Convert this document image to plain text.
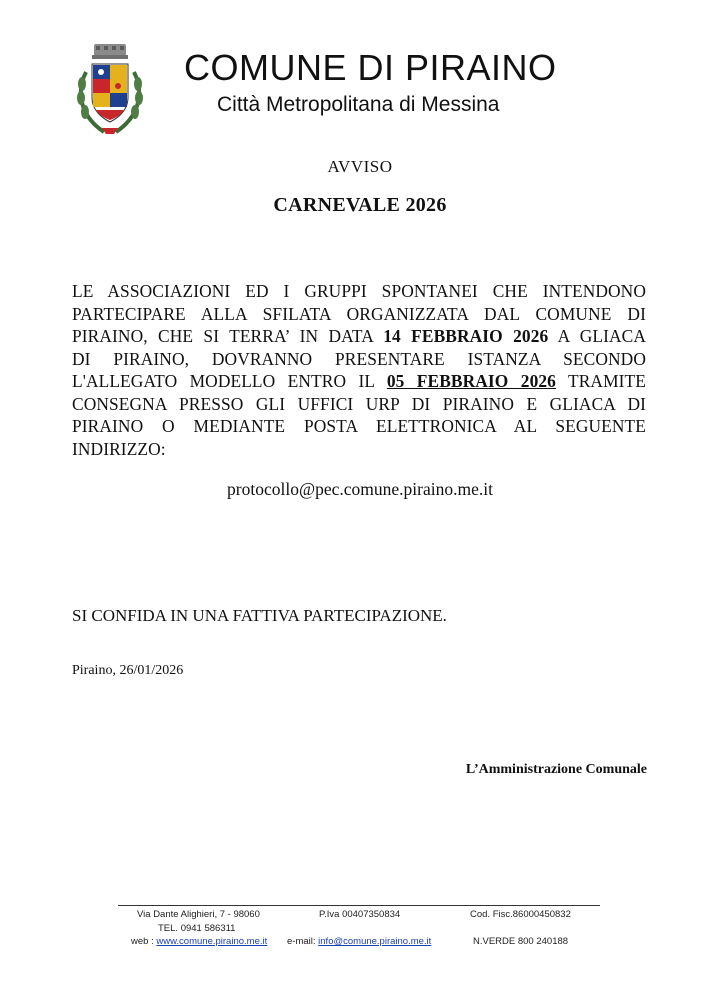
COMUNE DI PIRAINO
Città Metropolitana di Messina
AVVISO
CARNEVALE 2026
LE ASSOCIAZIONI ED I GRUPPI SPONTANEI CHE INTENDONO
PARTECIPARE ALLA SFILATA ORGANIZZATA DAL COMUNE DI
PIRAINO, CHE SI TERRA’ IN DATA 14 FEBBRAIO 2026 A GLIACA
DI PIRAINO, DOVRANNO PRESENTARE ISTANZA SECONDO
L'ALLEGATO MODELLO ENTRO IL 05 FEBBRAIO 2026 TRAMITE
CONSEGNA PRESSO GLI UFFICI URP DI PIRAINO E GLIACA DI
PIRAINO O MEDIANTE POSTA ELETTRONICA AL SEGUENTE
INDIRIZZO:
protocollo@pec.comune.piraino.me.it
SI CONFIDA IN UNA FATTIVA PARTECIPAZIONE.
Piraino, 26/01/2026
L’Amministrazione Comunale
Via Dante Alighieri, 7 - 98060
TEL. 0941 586311
web : www.comune.piraino.me.it
P.Iva 00407350834
e-mail: info@comune.piraino.me.it
Cod. Fisc.86000450832
N.VERDE 800 240188
